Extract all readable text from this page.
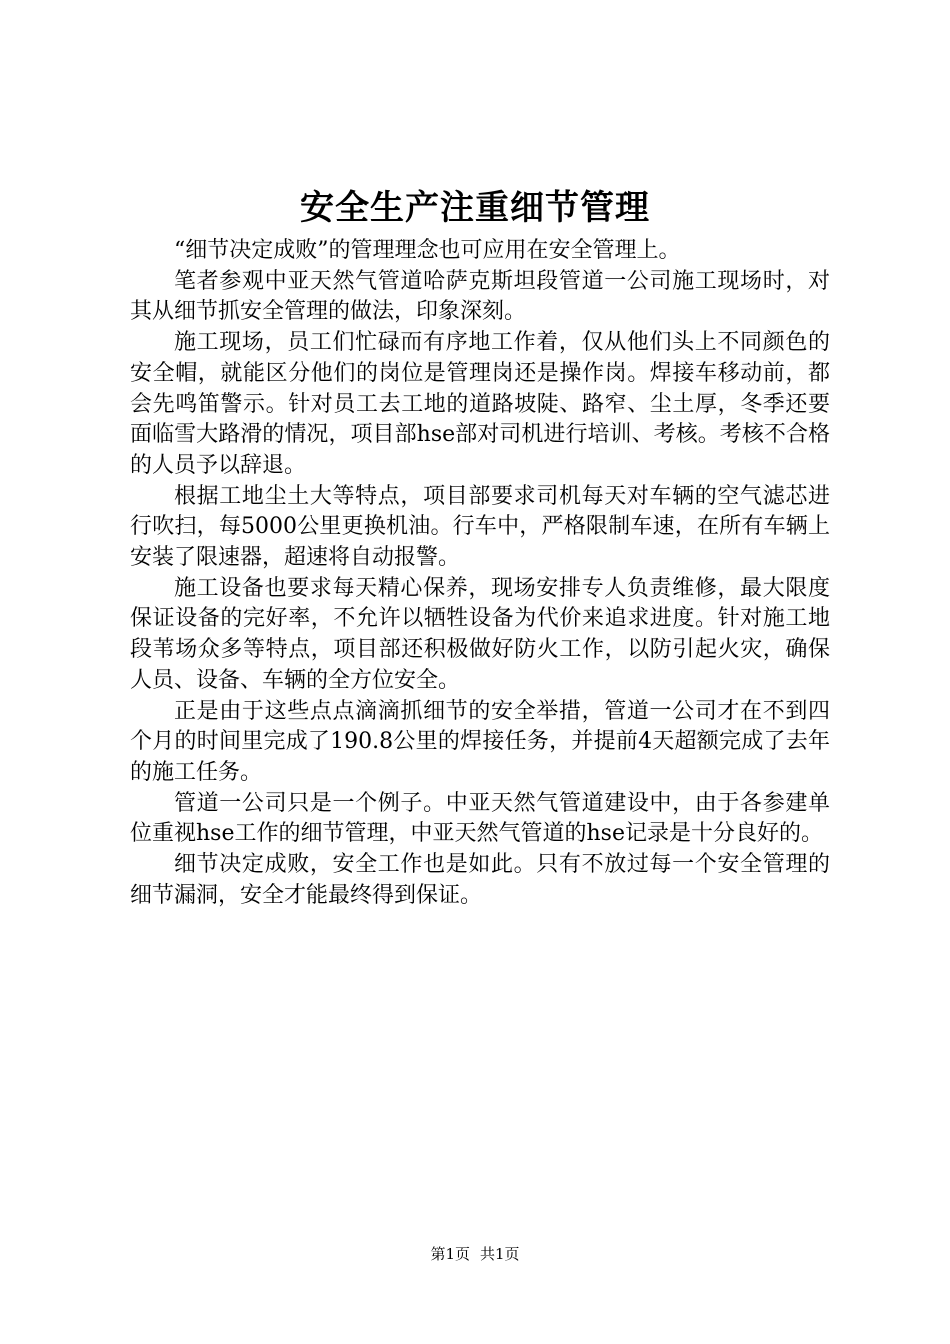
安全生产注重细节管理

“细节决定成败”的管理理念也可应用在安全管理上。

笔者参观中亚天然气管道哈萨克斯坦段管道一公司施工现场时，对其从细节抓安全管理的做法，印象深刻。

施工现场，员工们忙碌而有序地工作着，仅从他们头上不同颜色的安全帽，就能区分他们的岗位是管理岗还是操作岗。焊接车移动前，都会先鸣笛警示。针对员工去工地的道路坡陡、路窄、尘土厚，冬季还要面临雪大路滑的情况，项目部hse部对司机进行培训、考核。考核不合格的人员予以辞退。

根据工地尘土大等特点，项目部要求司机每天对车辆的空气滤芯进行吹扫，每5000公里更换机油。行车中，严格限制车速，在所有车辆上安装了限速器，超速将自动报警。

施工设备也要求每天精心保养，现场安排专人负责维修，最大限度保证设备的完好率，不允许以牺牲设备为代价来追求进度。针对施工地段苇场众多等特点，项目部还积极做好防火工作，以防引起火灾，确保人员、设备、车辆的全方位安全。

正是由于这些点点滴滴抓细节的安全举措，管道一公司才在不到四个月的时间里完成了190.8公里的焊接任务，并提前4天超额完成了去年的施工任务。

管道一公司只是一个例子。中亚天然气管道建设中，由于各参建单位重视hse工作的细节管理，中亚天然气管道的hse记录是十分良好的。

细节决定成败，安全工作也是如此。只有不放过每一个安全管理的细节漏洞，安全才能最终得到保证。

第1页 共1页
